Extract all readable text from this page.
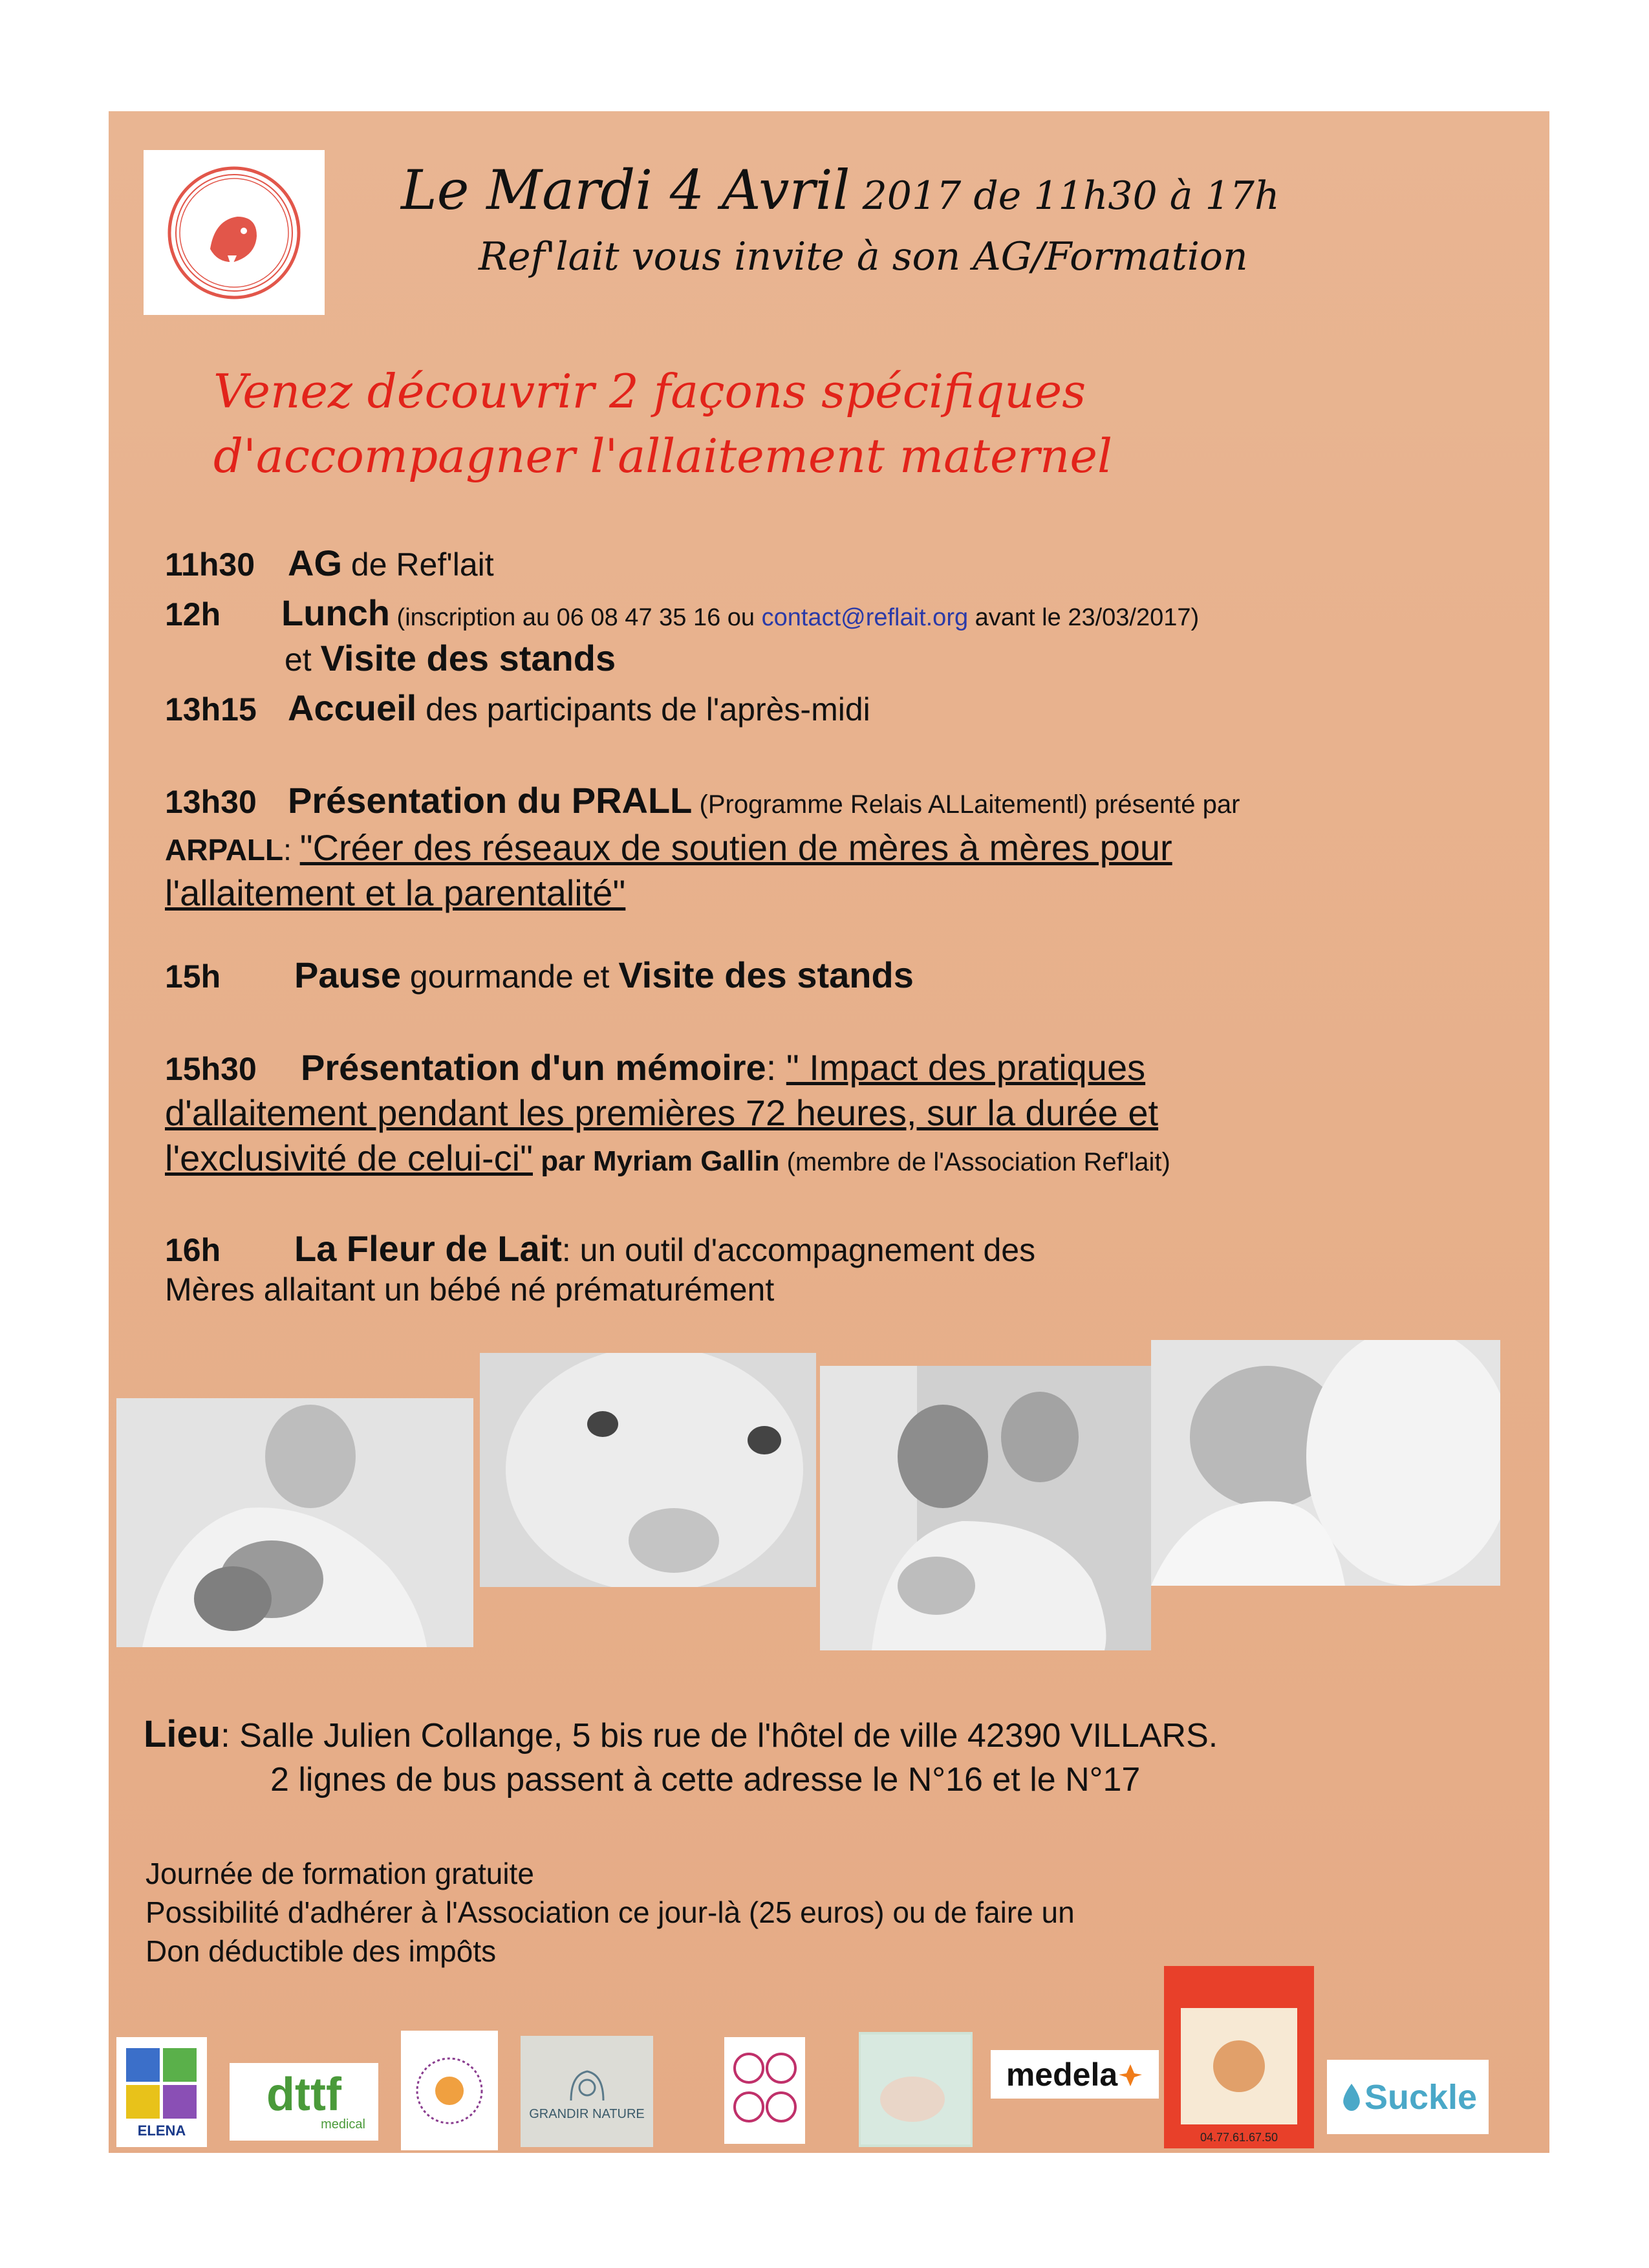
Le Mardi 4 Avril 2017 de 11h30 à 17h
Ref'lait vous invite à son AG/Formation
Venez découvrir 2 façons spécifiques
d'accompagner l'allaitement maternel
11h30 AG de Ref'lait
12h Lunch (inscription au 06 08 47 35 16 ou contact@reflait.org avant le 23/03/2017)
et Visite des stands
13h15 Accueil des participants de l'après-midi
13h30 Présentation du PRALL (Programme Relais ALLaitementl) présenté par
ARPALL: "Créer des réseaux de soutien de mères à mères pour
l'allaitement et la parentalité"
15h Pause gourmande et Visite des stands
15h30 Présentation d'un mémoire: " Impact des pratiques
d'allaitement pendant les premières 72 heures, sur la durée et
l'exclusivité de celui-ci" par Myriam Gallin (membre de l'Association Ref'lait)
16h La Fleur de Lait: un outil d'accompagnement des
Mères allaitant un bébé né prématurément
Lieu: Salle Julien Collange, 5 bis rue de l'hôtel de ville 42390 VILLARS.
2 lignes de bus passent à cette adresse le N°16 et le N°17
Journée de formation gratuite
Possibilité d'adhérer à l'Association ce jour-là (25 euros) ou de faire un
Don déductible des impôts
ELENA
dttf
medical
GRANDIR NATURE
medela
04.77.61.67.50
Suckle
